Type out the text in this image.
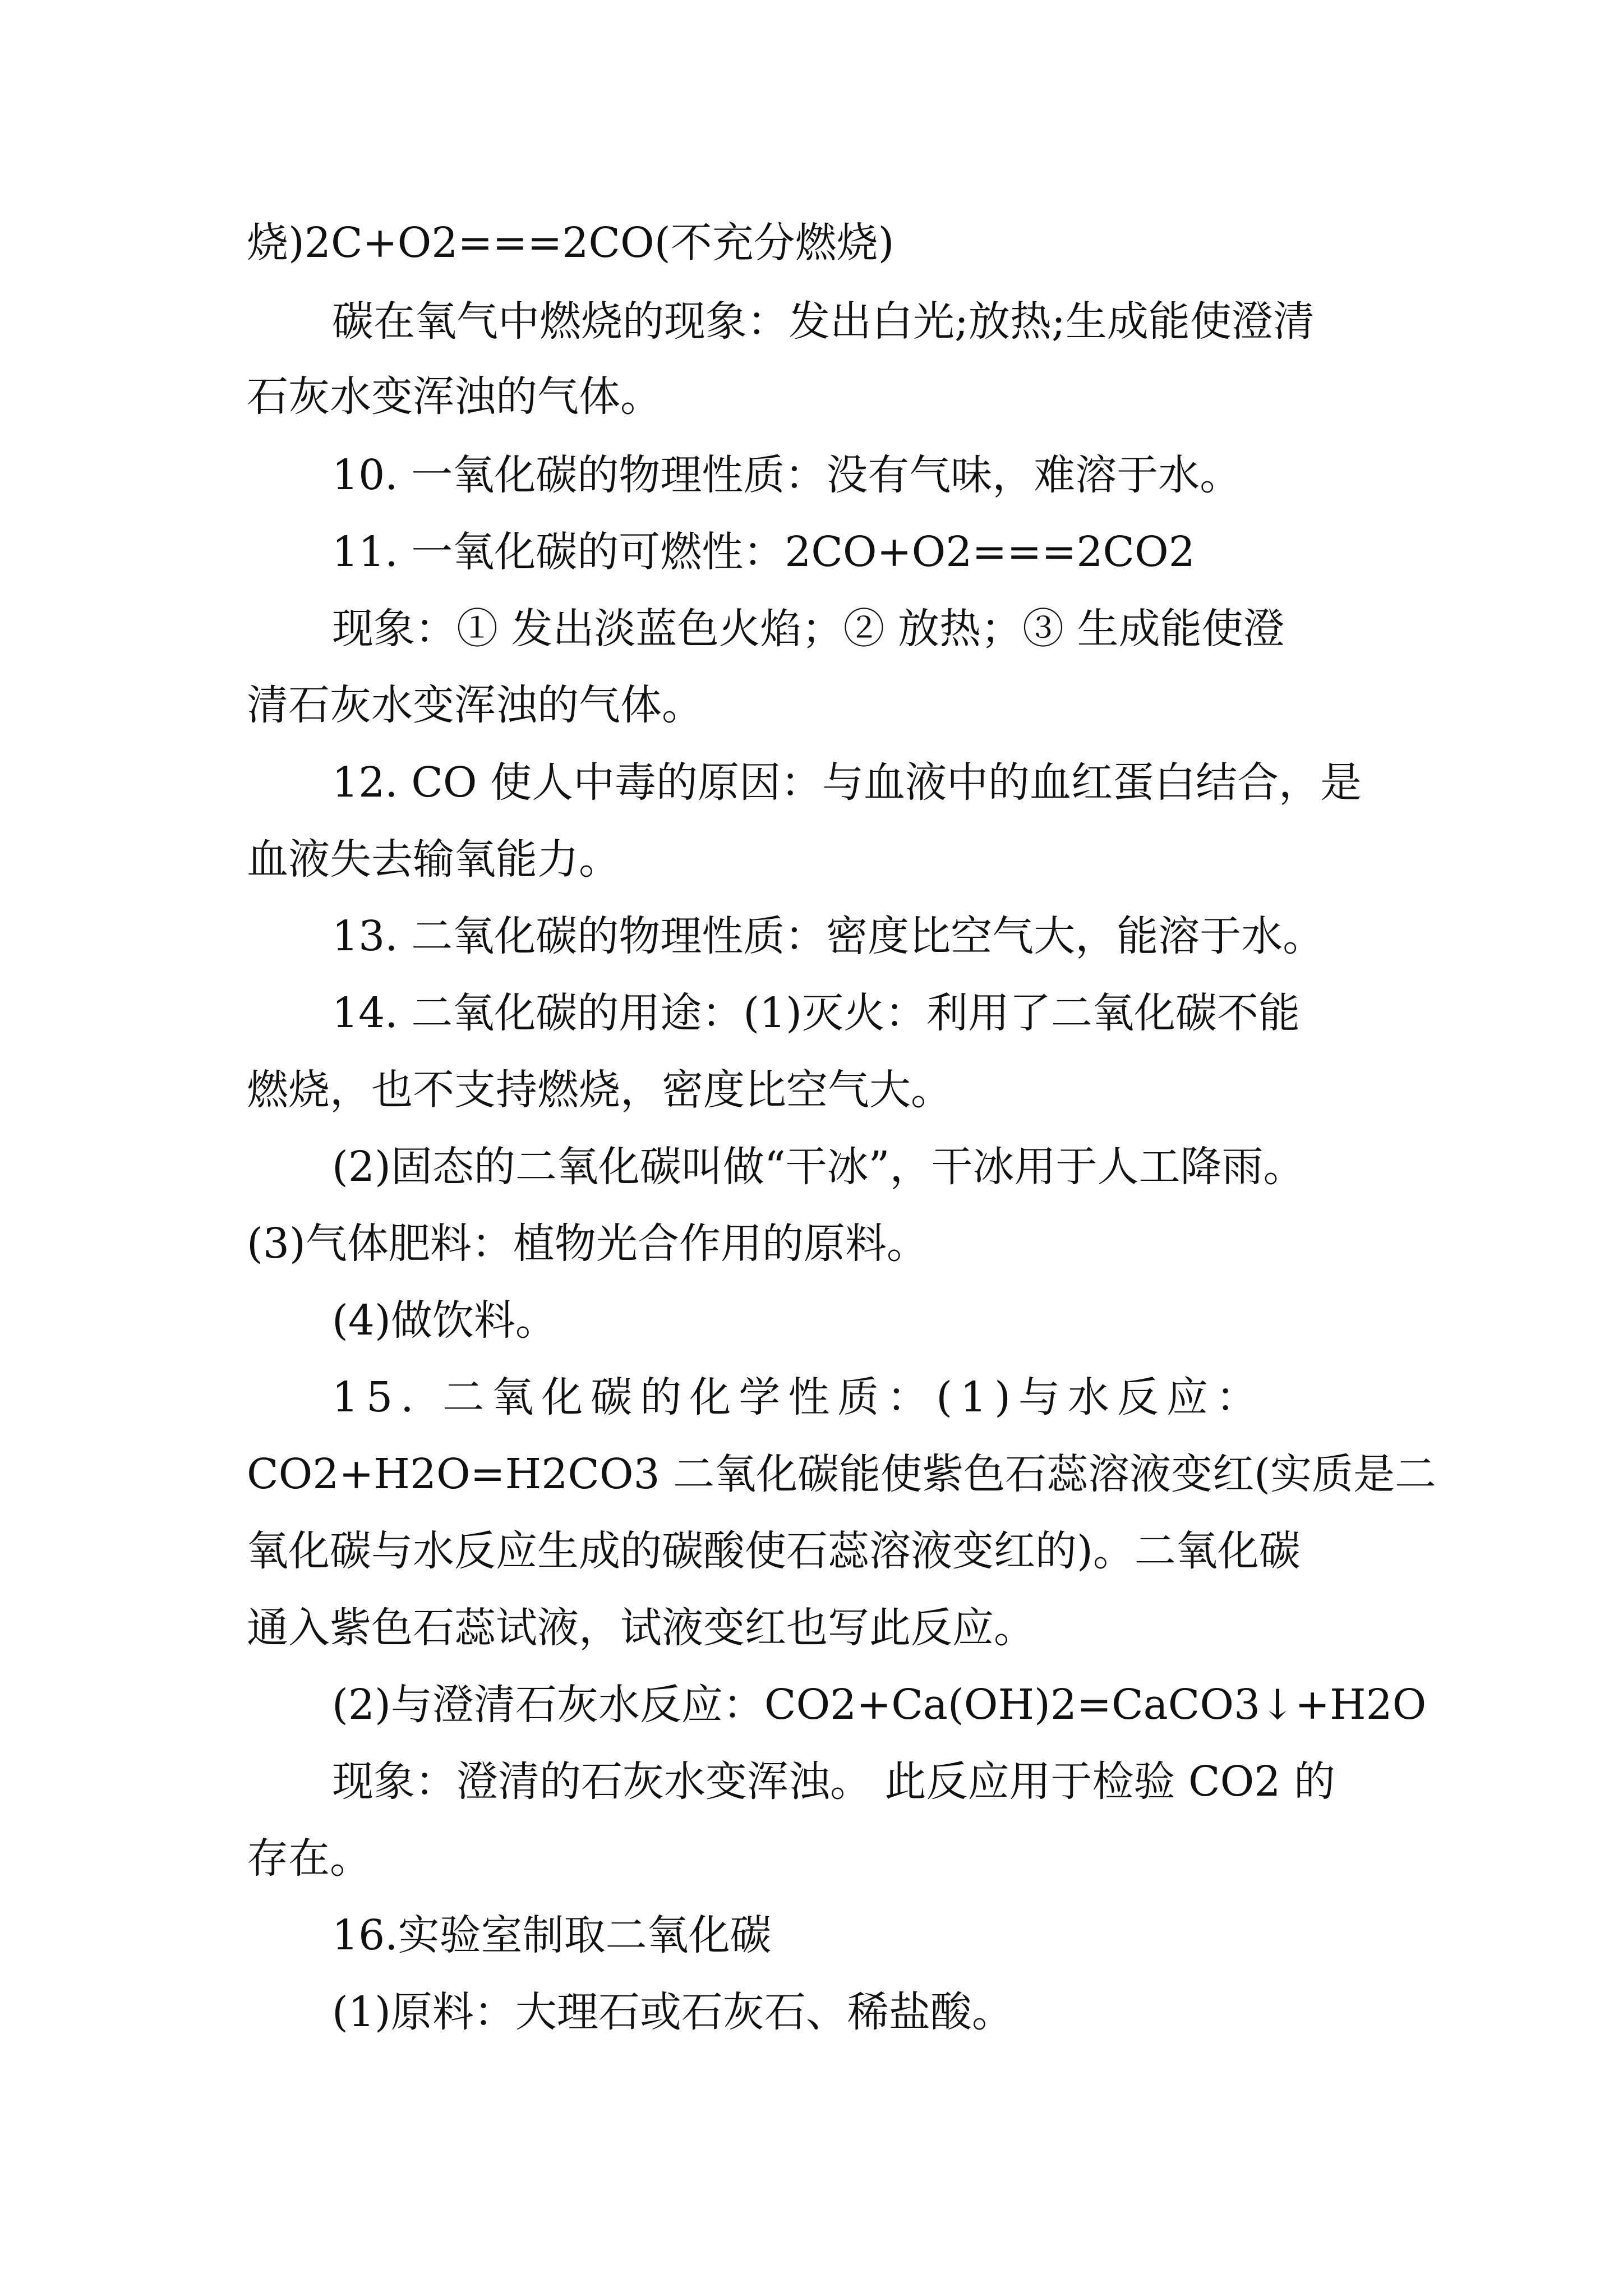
烧)2C+O2===2CO(不充分燃烧)

碳在氧气中燃烧的现象：发出白光;放热;生成能使澄清

石灰水变浑浊的气体。

10. 一氧化碳的物理性质：没有气味，难溶于水。

11. 一氧化碳的可燃性：2CO+O2===2CO2

现象：① 发出淡蓝色火焰；② 放热；③ 生成能使澄

清石灰水变浑浊的气体。

12. CO 使人中毒的原因：与血液中的血红蛋白结合，是

血液失去输氧能力。

13. 二氧化碳的物理性质：密度比空气大，能溶于水。

14. 二氧化碳的用途：(1)灭火：利用了二氧化碳不能

燃烧，也不支持燃烧，密度比空气大。

(2)固态的二氧化碳叫做“干冰”，干冰用于人工降雨。

(3)气体肥料：植物光合作用的原料。

(4)做饮料。

15. 二氧化碳的化学性质：(1)与水反应：

CO2+H2O=H2CO3 二氧化碳能使紫色石蕊溶液变红(实质是二

氧化碳与水反应生成的碳酸使石蕊溶液变红的)。二氧化碳

通入紫色石蕊试液，试液变红也写此反应。

(2)与澄清石灰水反应：CO2+Ca(OH)2=CaCO3↓+H2O

现象：澄清的石灰水变浑浊。 此反应用于检验 CO2 的

存在。

16.实验室制取二氧化碳

(1)原料：大理石或石灰石、稀盐酸。
